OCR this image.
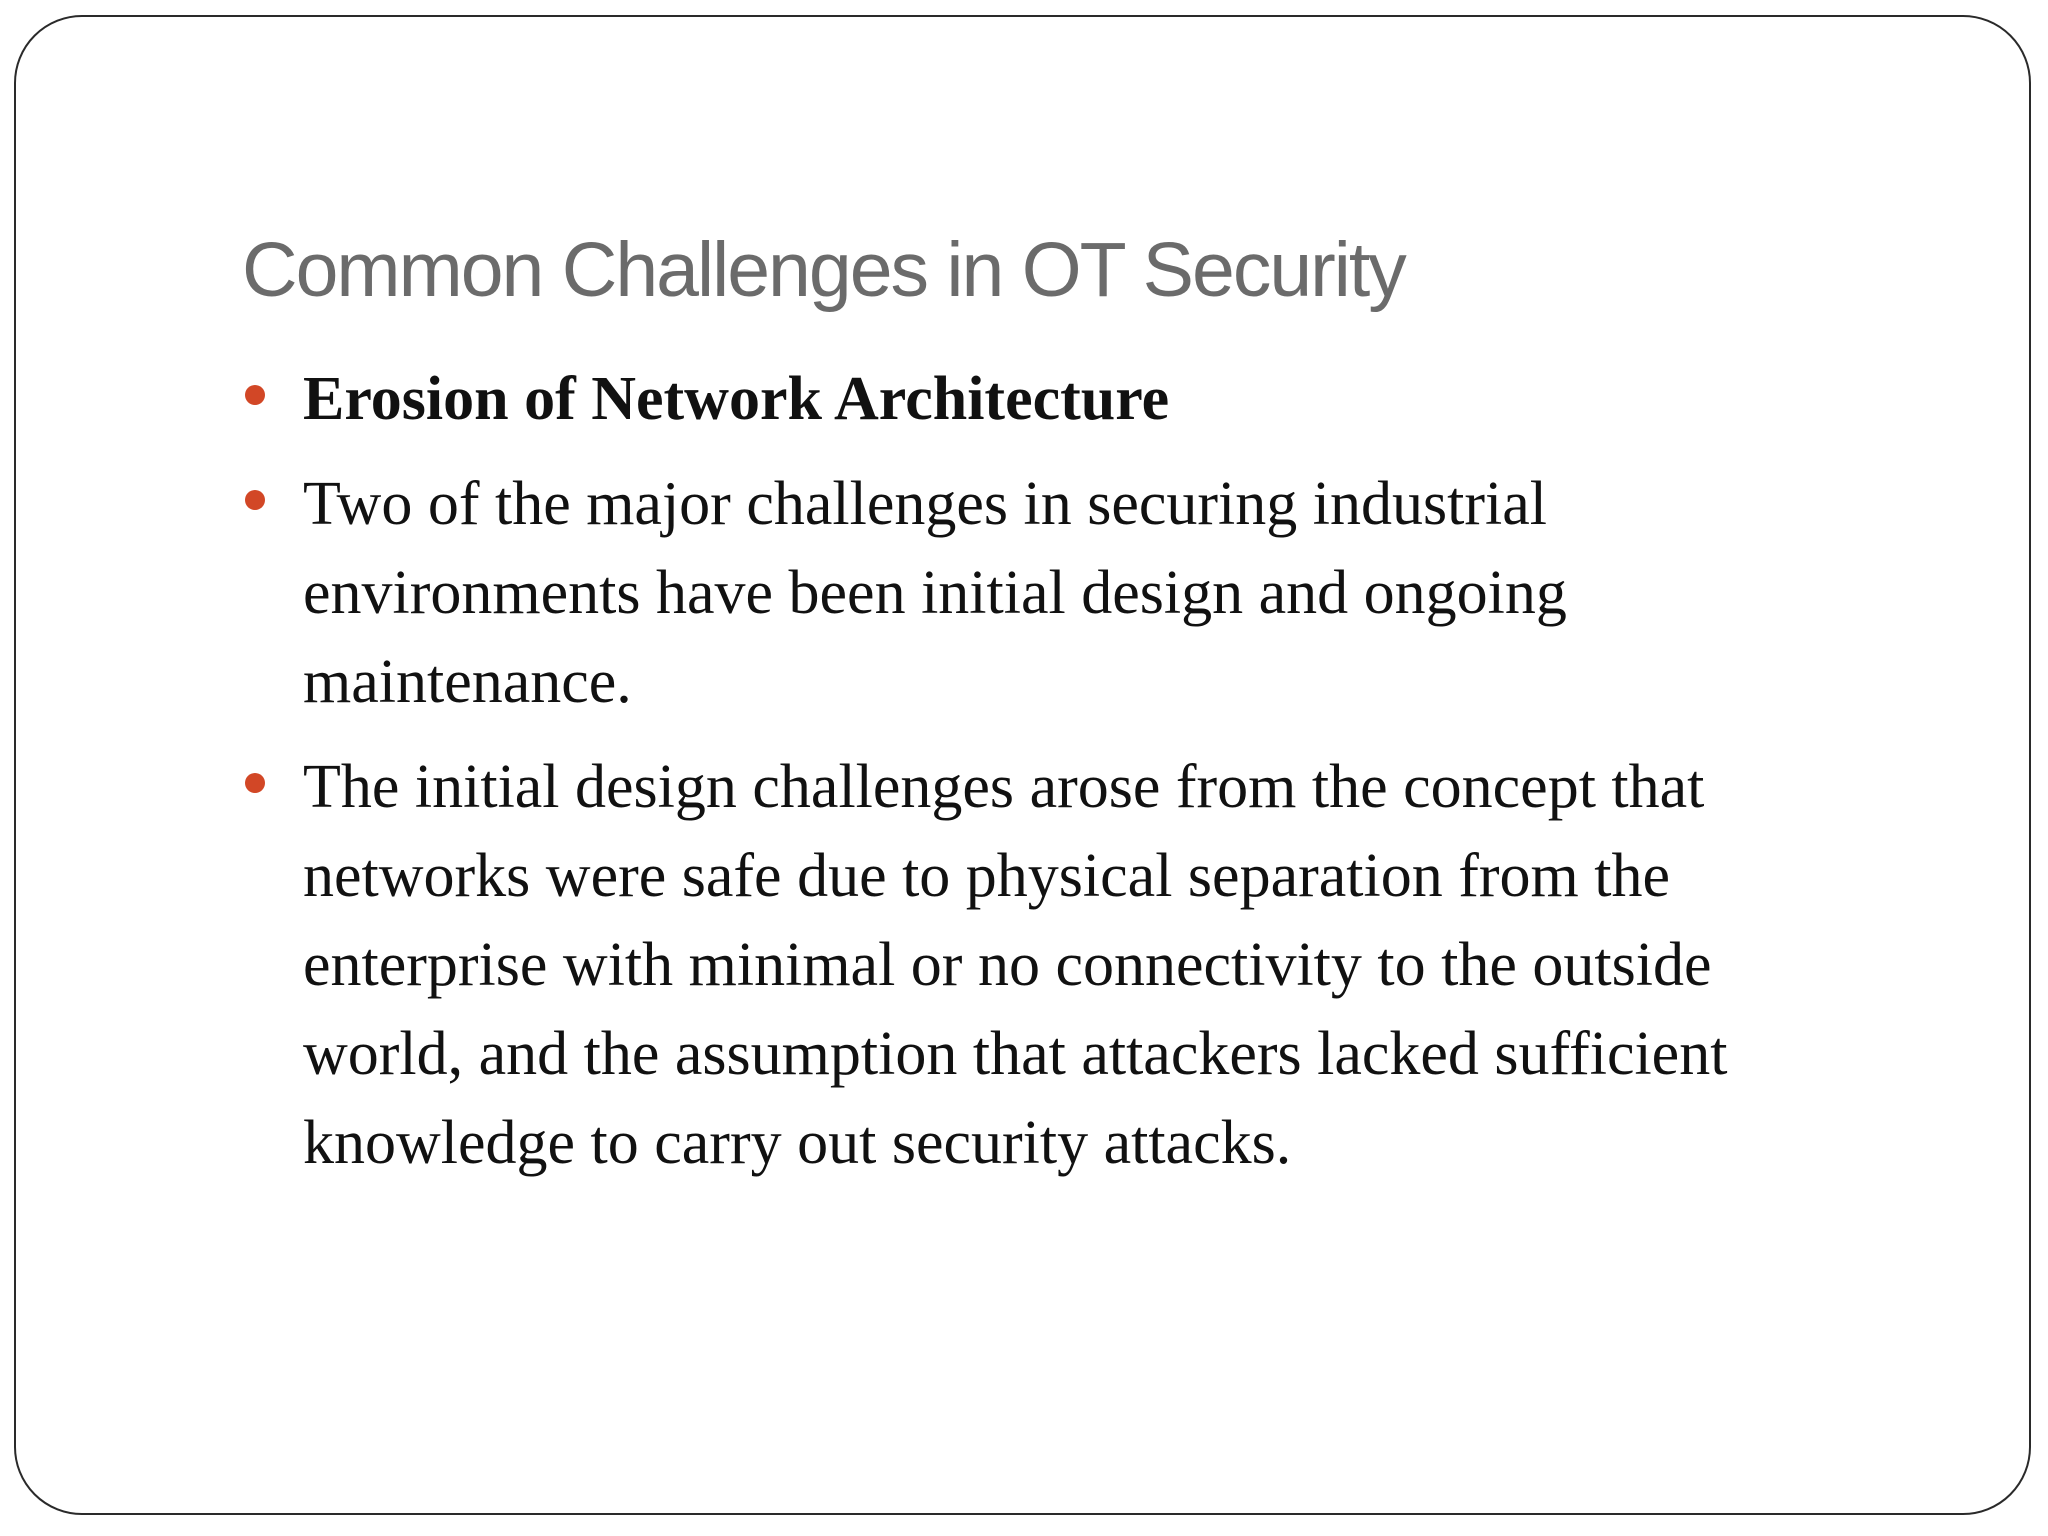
Common Challenges in OT Security
Erosion of Network Architecture
Two of the major challenges in securing industrial environments have been initial design and ongoing maintenance.
The initial design challenges arose from the concept that networks were safe due to physical separation from the enterprise with minimal or no connectivity to the outside world, and the assumption that attackers lacked sufficient knowledge to carry out security attacks.
